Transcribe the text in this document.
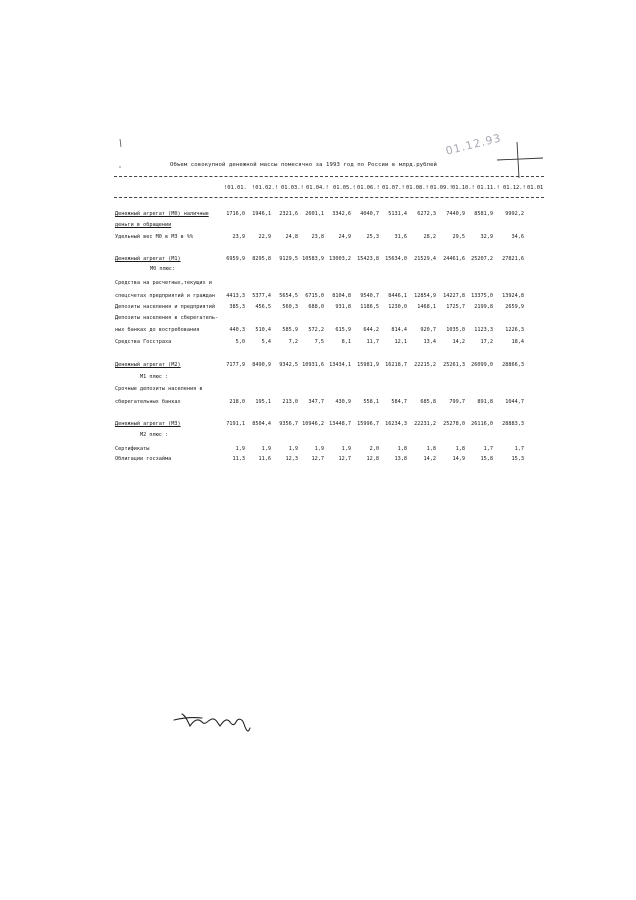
01.12.93
Объем совокупной денежной массы помесячно за 1993 год по России в млрд.рублей
!01.01. !01.02.! 01.03.! 01.04.! 01.05.! 01.06.! 01.07.! 01.08.! 01.09.! 01.10.! 01.11.! 01.12.! 01.01
Денежный агрегат (М0) наличные	1716,0	1946,1	2321,6	2601,1	3342,6	4040,7	5131,4	6272,3	7440,9	8581,9	9992,2
деньги в обращении
Удельный вес М0 в М3 в %%	23,9	22,9	24,8	23,8	24,9	25,3	31,6	28,2	29,5	32,9	34,6
Денежный агрегат (М1)	6959,9	8295,8	9129,5 10583,9 13003,2	15423,8	15634,0	21529,4	24461,6	25207,2	27821,6
М0 плюс:
Средства на расчетных,текущих и
спецсчетах предприятий и граждан	4413,3	5377,4	5654,5	6715,0	8104,8	9540,7	8446,1	12854,9	14227,8	13375,0	13924,8
Депозиты населения и предприятий	385,3	456,5	560,3	688,0	931,8	1186,5	1230,0	1468,1	1725,7	2199,8	2659,9
Депозиты населения в сберегатель-
ных банках до востребования	440,3	510,4	585,9	572,2	615,9	644,2	814,4	920,7	1035,0	1123,3	1226,3
Средства Госстраха	5,0	5,4	7,2	7,5	8,1	11,7	12,1	13,4	14,2	17,2	18,4
Денежный агрегат (М2)	7177,9	8490,9	9342,5 10931,6 13434,1	15981,9	16218,7	22215,2	25261,3	26099,0	28866,3
М1 плюс :
Срочные депозиты населения в
сберегательных банках	218,0	195,1	213,0	347,7	430,9	558,1	584,7	685,8	799,7	891,8	1044,7
Денежный агрегат (М3)	7191,1	8504,4	9356,7 10946,2 13448,7	15996,7	16234,3	22231,2	25278,0	26116,0	28883,3
М2 плюс :
Сертификаты	1,9	1,9	1,9	1,9	1,9	2,0	1,8	1,8	1,8	1,7	1,7
Облигации госзайма	11,3	11,6	12,3	12,7	12,7	12,8	13,8	14,2	14,9	15,8	15,3
